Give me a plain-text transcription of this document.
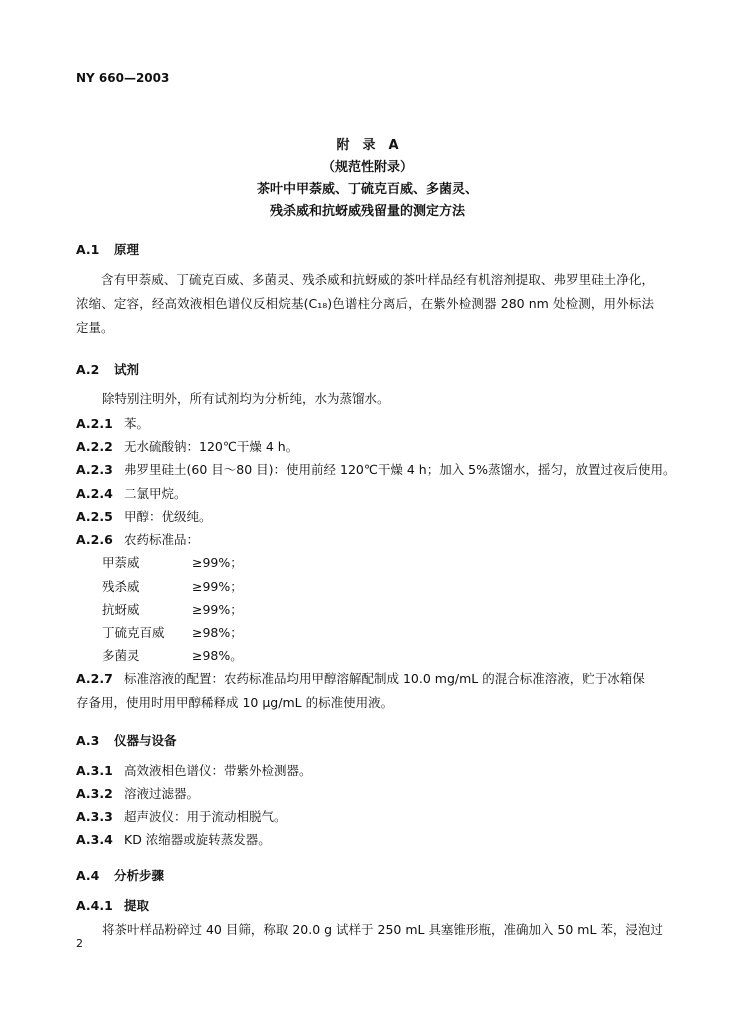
NY 660—2003
附　录　A
（规范性附录）
茶叶中甲萘威、丁硫克百威、多菌灵、
残杀威和抗蚜威残留量的测定方法
A.1 原理
含有甲萘威、丁硫克百威、多菌灵、残杀威和抗蚜威的茶叶样品经有机溶剂提取、弗罗里硅土净化，浓缩、定容，经高效液相色谱仪反相烷基(C₁₈)色谱柱分离后，在紫外检测器 280 nm 处检测，用外标法定量。
A.2 试剂
除特别注明外，所有试剂均为分析纯，水为蒸馏水。
A.2.1 苯。
A.2.2 无水硫酸钠：120℃干燥 4 h。
A.2.3 弗罗里硅土(60 目～80 目)：使用前经 120℃干燥 4 h；加入 5%蒸馏水，摇匀，放置过夜后使用。
A.2.4 二氯甲烷。
A.2.5 甲醇：优级纯。
A.2.6 农药标准品：
甲萘威	≥99%；
残杀威	≥99%；
抗蚜威	≥99%；
丁硫克百威 ≥98%；
多菌灵	≥98%。
A.2.7 标准溶液的配置：农药标准品均用甲醇溶解配制成 10.0 mg/mL 的混合标准溶液，贮于冰箱保
存备用，使用时用甲醇稀释成 10 μg/mL 的标准使用液。
A.3 仪器与设备
A.3.1 高效液相色谱仪：带紫外检测器。
A.3.2 溶液过滤器。
A.3.3 超声波仪：用于流动相脱气。
A.3.4 KD 浓缩器或旋转蒸发器。
A.4 分析步骤
A.4.1 提取
将茶叶样品粉碎过 40 目筛，称取 20.0 g 试样于 250 mL 具塞锥形瓶，准确加入 50 mL 苯，浸泡过
2
